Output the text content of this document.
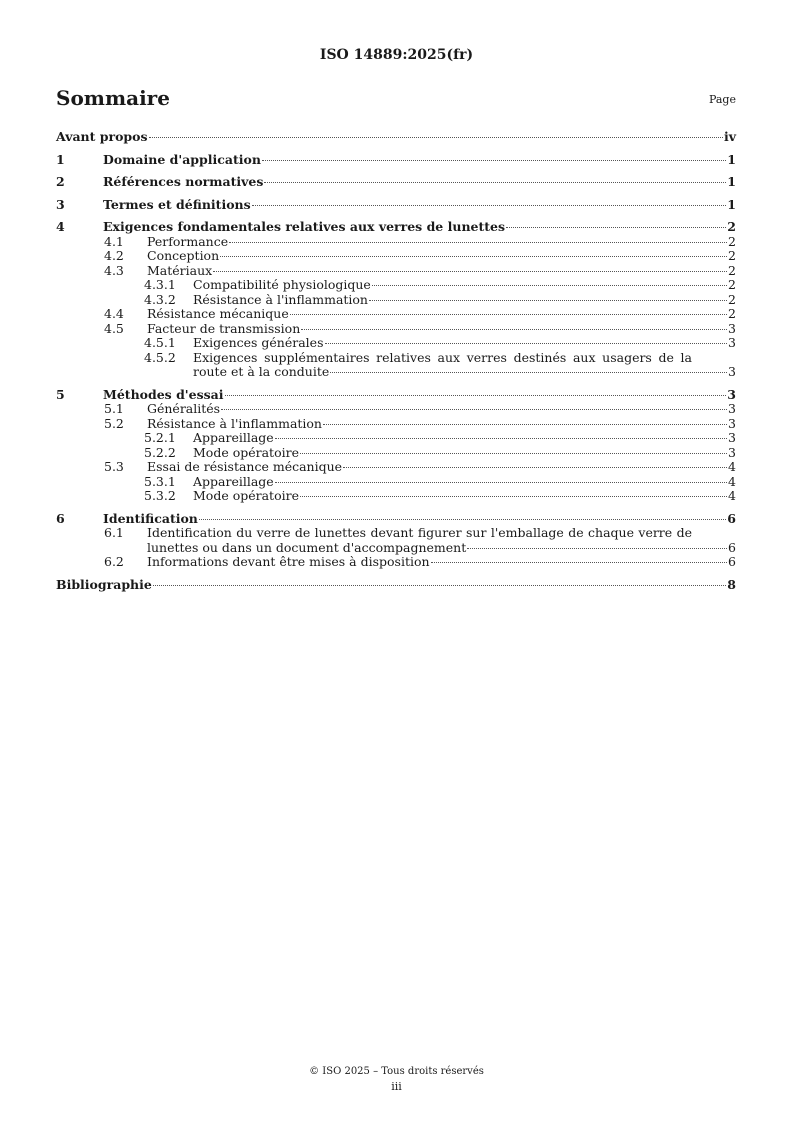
ISO 14889:2025(fr)
Sommaire	Page
Avant propos	iv
1	Domaine d'application	1
2	Références normatives	1
3	Termes et définitions	1
4	Exigences fondamentales relatives aux verres de lunettes	2
4.1 Performance	2
4.2 Conception	2
4.3 Matériaux	2
4.3.1 Compatibilité physiologique	2
4.3.2 Résistance à l'inflammation	2
4.4 Résistance mécanique	2
4.5 Facteur de transmission	3
4.5.1 Exigences générales	3
4.5.2 Exigences supplémentaires relatives aux verres destinés aux usagers de la
route et à la conduite	3
5	Méthodes d'essai	3
5.1 Généralités	3
5.2 Résistance à l'inflammation	3
5.2.1 Appareillage	3
5.2.2 Mode opératoire	3
5.3 Essai de résistance mécanique	4
5.3.1 Appareillage	4
5.3.2 Mode opératoire	4
6	Identification	6
6.1 Identification du verre de lunettes devant figurer sur l'emballage de chaque verre de
lunettes ou dans un document d'accompagnement	6
6.2 Informations devant être mises à disposition	6
Bibliographie	8
© ISO 2025 – Tous droits réservés
iii
